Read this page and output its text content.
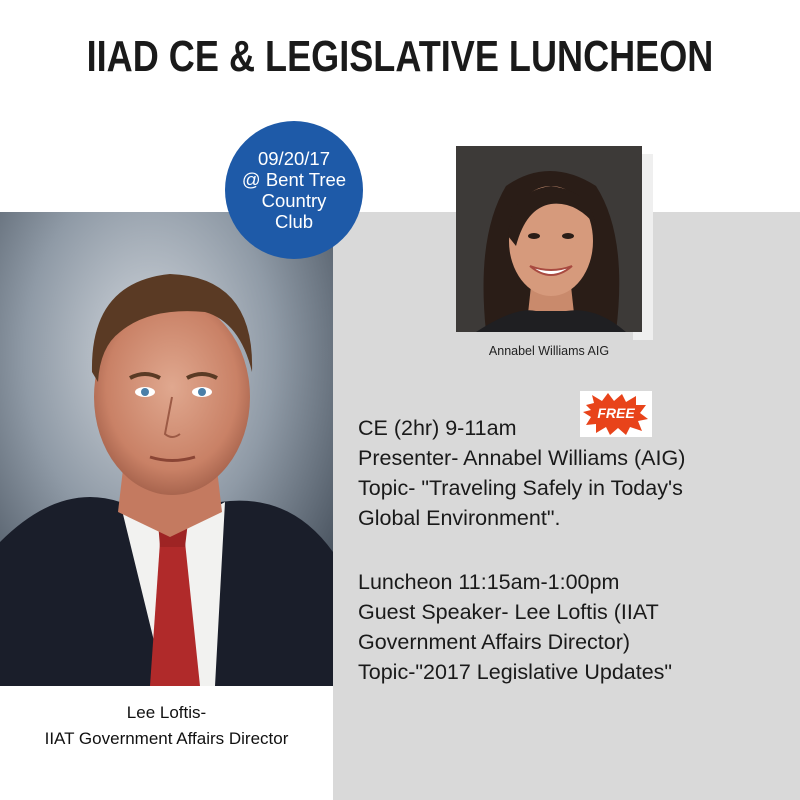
IIAD CE & LEGISLATIVE LUNCHEON
09/20/17
@ Bent Tree
Country
Club
Annabel Williams AIG
Lee Loftis-
IIAT Government Affairs Director
FREE
CE (2hr) 9-11am
Presenter- Annabel Williams (AIG)
Topic- "Traveling Safely in Today's
Global Environment".
Luncheon 11:15am-1:00pm
Guest Speaker- Lee Loftis (IIAT
Government Affairs Director)
Topic-"2017 Legislative Updates"
